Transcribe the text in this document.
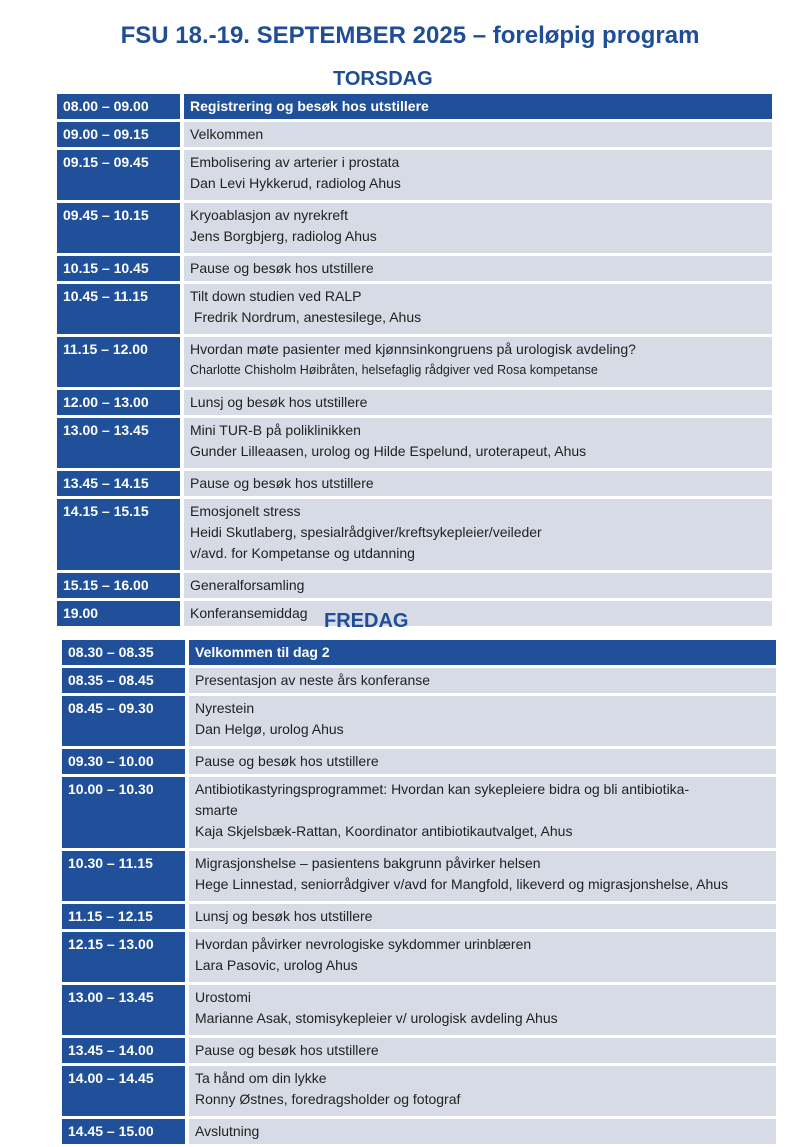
FSU 18.-19. SEPTEMBER 2025 – foreløpig program
TORSDAG
08.00 – 09.00	Registrering og besøk hos utstillere

09.00 – 09.15	Velkommen

09.15 – 09.45	Embolisering av arterier i prostata
Dan Levi Hykkerud, radiolog Ahus

09.45 – 10.15	Kryoablasjon av nyrekreft
Jens Borgbjerg, radiolog Ahus

10.15 – 10.45	Pause og besøk hos utstillere

10.45 – 11.15	Tilt down studien ved RALP
Fredrik Nordrum, anestesilege, Ahus

11.15 – 12.00	Hvordan møte pasienter med kjønnsinkongruens på urologisk avdeling?
Charlotte Chisholm Høibråten, helsefaglig rådgiver ved Rosa kompetanse

12.00 – 13.00	Lunsj og besøk hos utstillere

13.00 – 13.45	Mini TUR-B på poliklinikken
Gunder Lilleaasen, urolog og Hilde Espelund, uroterapeut, Ahus

13.45 – 14.15	Pause og besøk hos utstillere

14.15 – 15.15	Emosjonelt stress
Heidi Skutlaberg, spesialrådgiver/kreftsykepleier/veileder
v/avd. for Kompetanse og utdanning

15.15 – 16.00	Generalforsamling

19.00	Konferansemiddag FREDAG
08.30 – 08.35	Velkommen til dag 2

08.35 – 08.45	Presentasjon av neste års konferanse

08.45 – 09.30	Nyrestein
Dan Helgø, urolog Ahus

09.30 – 10.00	Pause og besøk hos utstillere

10.00 – 10.30	Antibiotikastyringsprogrammet: Hvordan kan sykepleiere bidra og bli antibiotika-
smarte
Kaja Skjelsbæk-Rattan, Koordinator antibiotikautvalget, Ahus

10.30 – 11.15	Migrasjonshelse – pasientens bakgrunn påvirker helsen
Hege Linnestad, seniorrådgiver v/avd for Mangfold, likeverd og migrasjonshelse, Ahus

11.15 – 12.15	Lunsj og besøk hos utstillere

12.15 – 13.00	Hvordan påvirker nevrologiske sykdommer urinblæren
Lara Pasovic, urolog Ahus

13.00 – 13.45	Urostomi
Marianne Asak, stomisykepleier v/ urologisk avdeling Ahus

13.45 – 14.00	Pause og besøk hos utstillere

14.00 – 14.45	Ta hånd om din lykke
Ronny Østnes, foredragsholder og fotograf

14.45 – 15.00	Avslutning
